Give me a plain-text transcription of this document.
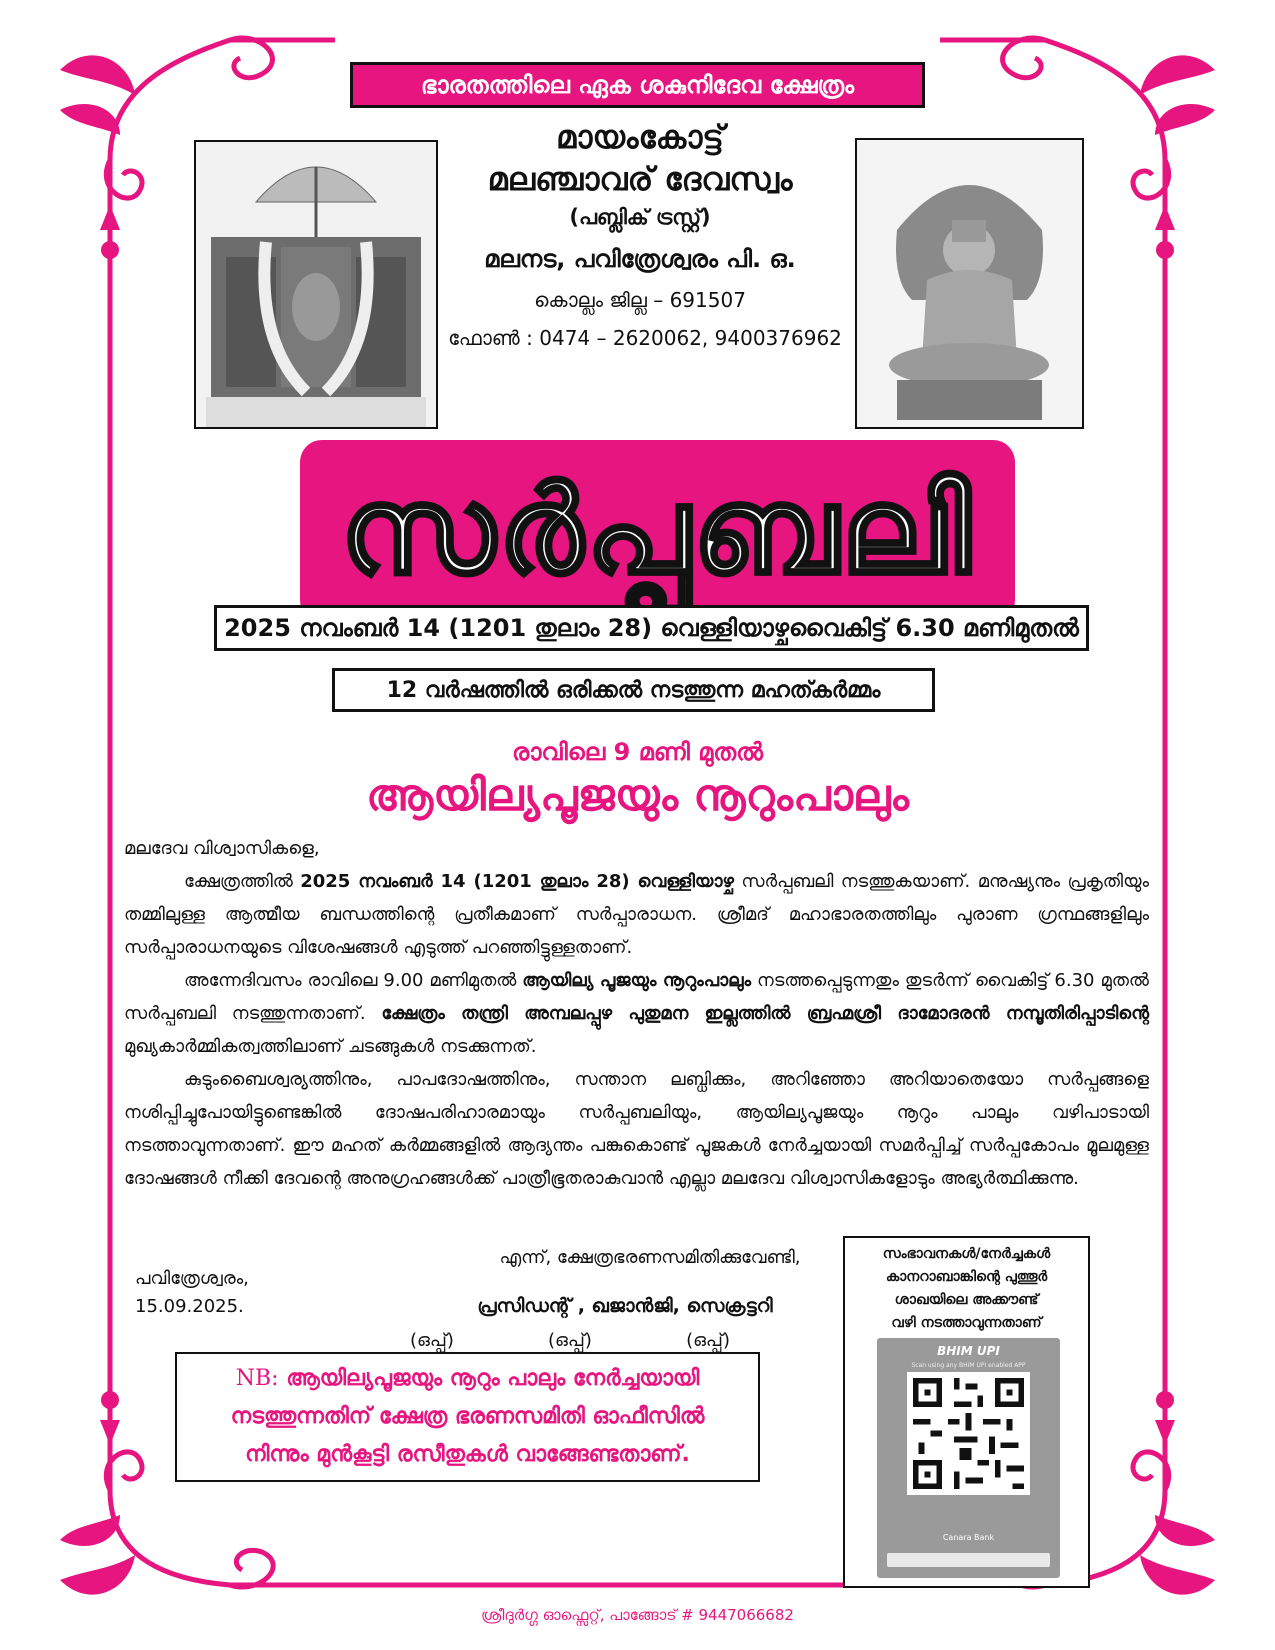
ഭാരതത്തിലെ ഏക ശകുനിദേവ ക്ഷേത്രം
മായംകോട്ട്
മലഞ്ചാവര് ദേവസ്വം
(പബ്ലിക് ട്രസ്റ്റ്)
മലനട, പവിത്രേശ്വരം പി. ഒ.
കൊല്ലം ജില്ല – 691507
ഫോൺ : 0474 – 2620062, 9400376962
സർപ്പബലി
2025 നവംബർ 14 (1201 തുലാം 28) വെള്ളിയാഴ്ചവൈകിട്ട് 6.30 മണിമുതൽ
12 വർഷത്തിൽ ഒരിക്കൽ നടത്തുന്ന മഹത്കർമ്മം
രാവിലെ 9 മണി മുതൽ
ആയില്യപൂജയും നൂറുംപാലും

മലദേവ വിശ്വാസികളെ,

ക്ഷേത്രത്തിൽ 2025 നവംബർ 14 (1201 തുലാം 28) വെള്ളിയാഴ്ച സർപ്പബലി നടത്തുകയാണ്. മനുഷ്യനും പ്രകൃതിയും തമ്മിലുള്ള ആത്മീയ ബന്ധത്തിന്റെ പ്രതീകമാണ് സർപ്പാരാധന. ശ്രീമദ് മഹാഭാരതത്തിലും പുരാണ ഗ്രന്ഥങ്ങളിലും സർപ്പാരാധനയുടെ വിശേഷങ്ങൾ എടുത്ത് പറഞ്ഞിട്ടുള്ളതാണ്.

അന്നേദിവസം രാവിലെ 9.00 മണിമുതൽ ആയില്യ പൂജയും നൂറുംപാലും നടത്തപ്പെടുന്നതും തുടർന്ന് വൈകിട്ട് 6.30 മുതൽ സർപ്പബലി നടത്തുന്നതാണ്. ക്ഷേത്രം തന്ത്രി അമ്പലപ്പുഴ പുതുമന ഇല്ലത്തിൽ ബ്രഹ്മശ്രീ ദാമോദരൻ നമ്പൂതിരിപ്പാടിന്റെ മുഖ്യകാർമ്മികത്വത്തിലാണ് ചടങ്ങുകൾ നടക്കുന്നത്.

കുടുംബൈശ്വര്യത്തിനും, പാപദോഷത്തിനും, സന്താന ലബ്ധിക്കും, അറിഞ്ഞോ അറിയാതെയോ സർപ്പങ്ങളെ നശിപ്പിച്ചുപോയിട്ടുണ്ടെങ്കിൽ ദോഷപരിഹാരമായും സർപ്പബലിയും, ആയില്യപൂജയും നൂറും പാലും വഴിപാടായി നടത്താവുന്നതാണ്. ഈ മഹത് കർമ്മങ്ങളിൽ ആദ്യന്തം പങ്കുകൊണ്ട് പൂജകൾ നേർച്ചയായി സമർപ്പിച്ച് സർപ്പകോപം മൂലമുള്ള ദോഷങ്ങൾ നീക്കി ദേവന്റെ അനുഗ്രഹങ്ങൾക്ക് പാത്രീഭൂതരാകുവാൻ എല്ലാ മലദേവ വിശ്വാസികളോടും അഭ്യർത്ഥിക്കുന്നു.

പവിത്രേശ്വരം,
15.09.2025.
എന്ന്, ക്ഷേത്രഭരണസമിതിക്കുവേണ്ടി,
പ്രസിഡന്റ് , ഖജാൻജി, സെക്രട്ടറി
(ഒപ്പ്)	(ഒപ്പ്)	(ഒപ്പ്)
NB: ആയില്യപൂജയും നൂറും പാലും നേർച്ചയായി
നടത്തുന്നതിന് ക്ഷേത്ര ഭരണസമിതി ഓഫീസിൽ
നിന്നും മുൻകൂട്ടി രസീതുകൾ വാങ്ങേണ്ടതാണ്.
സംഭാവനകൾ/നേർച്ചകൾ
കാനറാബാങ്കിന്റെ പുത്തൂർ
ശാഖയിലെ അക്കൗണ്ട്
വഴി നടത്താവുന്നതാണ്
BHIM UPI
Scan using any BHIM UPI enabled APP
Canara Bank
ശ്രീദുർഗ്ഗ ഓഫ്സെറ്റ്, പാങ്ങോട് # 9447066682
